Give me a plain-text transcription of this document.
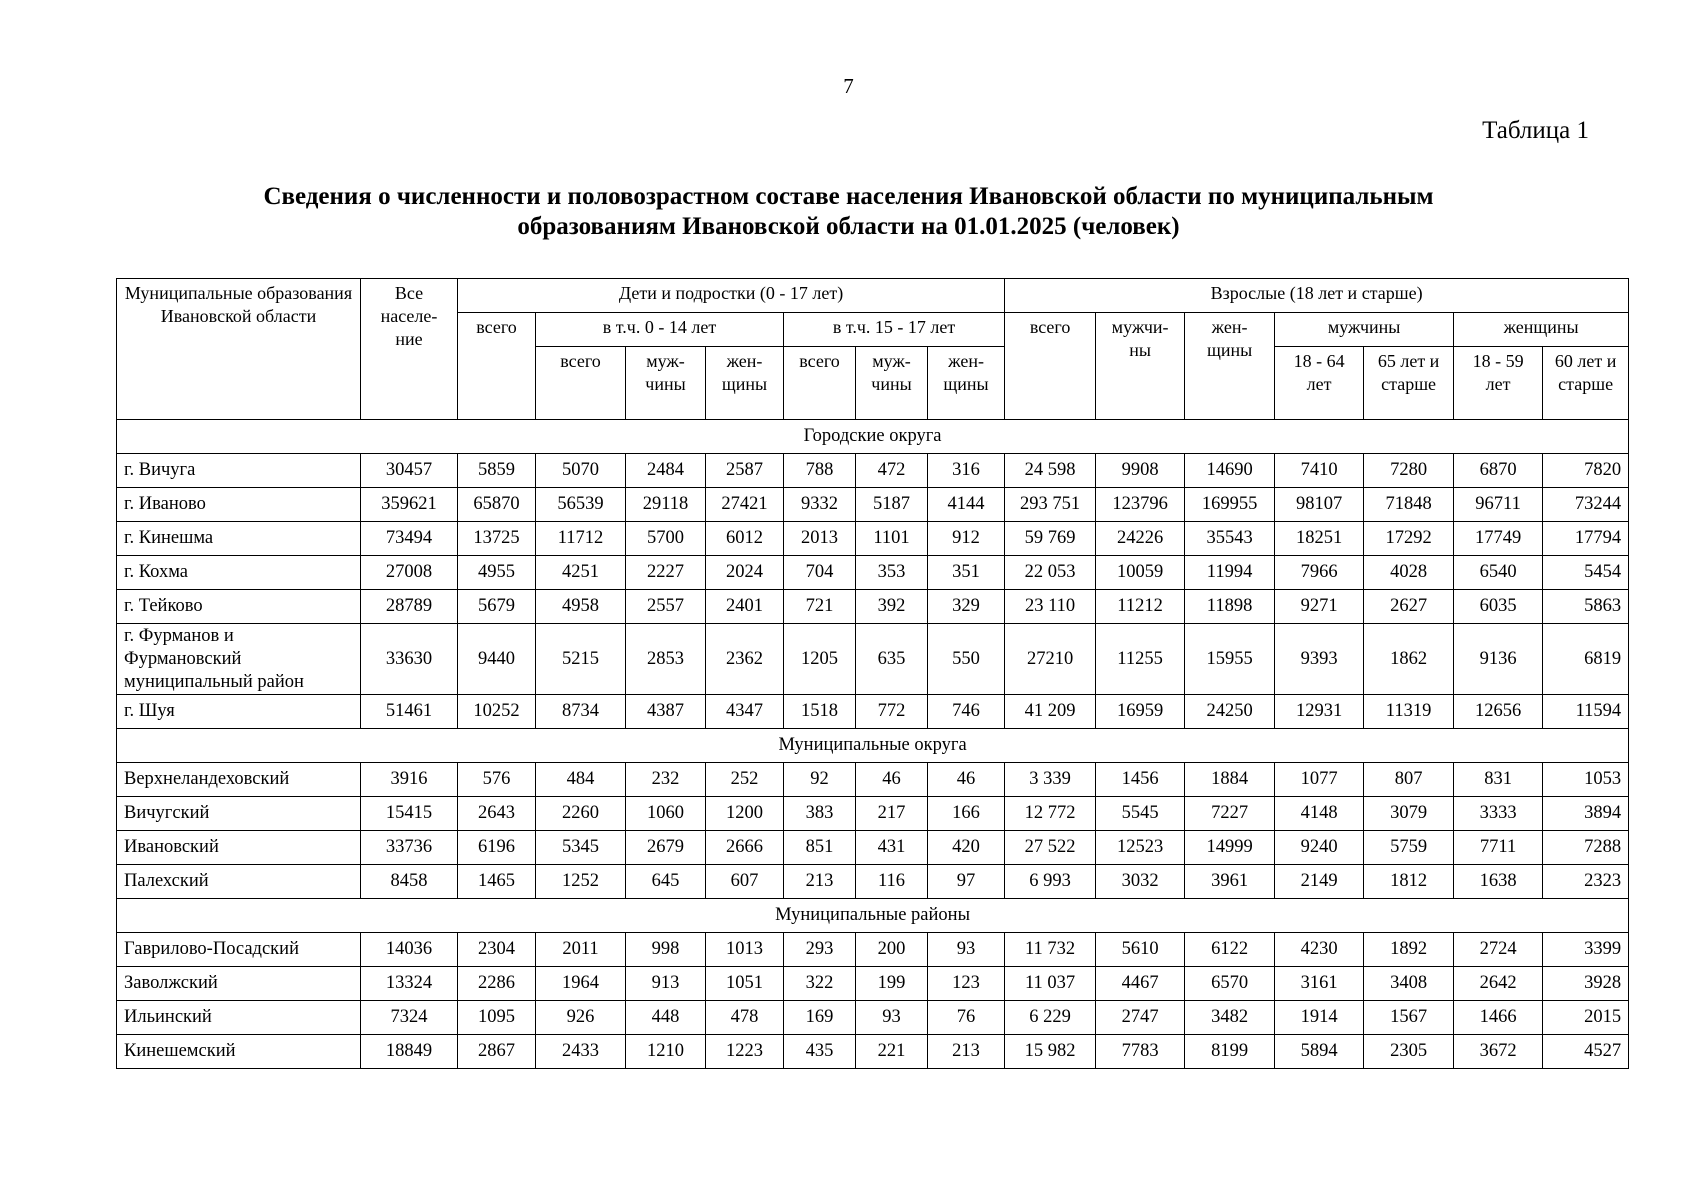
7
Таблица 1
Сведения о численности и половозрастном составе населения Ивановской области по муниципальным
образованиям Ивановской области на 01.01.2025 (человек)
Муниципальные образования Ивановской области	Все населе-ние	Дети и подростки (0 - 17 лет)							Взрослые (18 лет и старше)						
		всего	в т.ч. 0 - 14 лет			в т.ч. 15 - 17 лет			всего	мужчи-ны	жен-щины	мужчины		женщины	
			всего	муж-чины	жен-щины	всего	муж-чины	жен-щины				18 - 64 лет	65 лет и старше	18 - 59 лет	60 лет и старше
Городские округа															
г. Вичуга	30457	5859	5070	2484	2587	788	472	316	24 598	9908	14690	7410	7280	6870	7820
г. Иваново	359621	65870	56539	29118	27421	9332	5187	4144	293 751	123796	169955	98107	71848	96711	73244
г. Кинешма	73494	13725	11712	5700	6012	2013	1101	912	59 769	24226	35543	18251	17292	17749	17794
г. Кохма	27008	4955	4251	2227	2024	704	353	351	22 053	10059	11994	7966	4028	6540	5454
г. Тейково	28789	5679	4958	2557	2401	721	392	329	23 110	11212	11898	9271	2627	6035	5863
г. Фурманов и Фурмановский муниципальный район	33630	9440	5215	2853	2362	1205	635	550	27210	11255	15955	9393	1862	9136	6819
г. Шуя	51461	10252	8734	4387	4347	1518	772	746	41 209	16959	24250	12931	11319	12656	11594
Муниципальные округа															
Верхнеландеховский	3916	576	484	232	252	92	46	46	3 339	1456	1884	1077	807	831	1053
Вичугский	15415	2643	2260	1060	1200	383	217	166	12 772	5545	7227	4148	3079	3333	3894
Ивановский	33736	6196	5345	2679	2666	851	431	420	27 522	12523	14999	9240	5759	7711	7288
Палехский	8458	1465	1252	645	607	213	116	97	6 993	3032	3961	2149	1812	1638	2323
Муниципальные районы															
Гаврилово-Посадский	14036	2304	2011	998	1013	293	200	93	11 732	5610	6122	4230	1892	2724	3399
Заволжский	13324	2286	1964	913	1051	322	199	123	11 037	4467	6570	3161	3408	2642	3928
Ильинский	7324	1095	926	448	478	169	93	76	6 229	2747	3482	1914	1567	1466	2015
Кинешемский	18849	2867	2433	1210	1223	435	221	213	15 982	7783	8199	5894	2305	3672	4527
